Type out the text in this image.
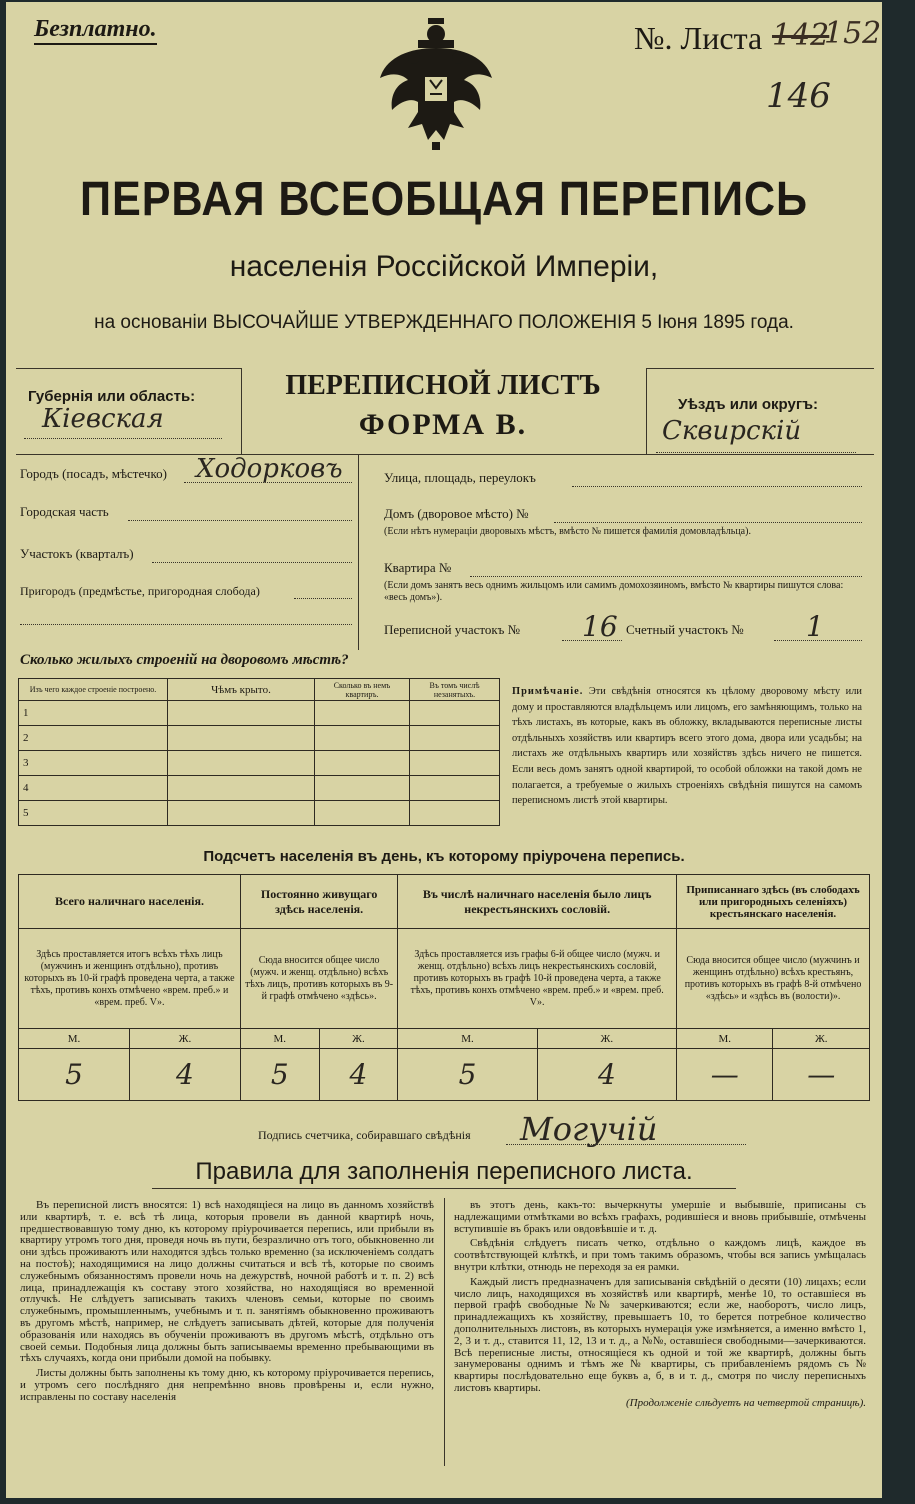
Безплатно.	№. Листа 142
152
146
ПЕРВАЯ ВСЕОБЩАЯ ПЕРЕПИСЬ
населенія Россійской Имперіи,
на основаніи ВЫСОЧАЙШЕ УТВЕРЖДЕННАГО ПОЛОЖЕНІЯ 5 Іюня 1895 года.
Губернія или область:
Кіевская
ПЕРЕПИСНОЙ ЛИСТЪ
ФОРМА В.
Уѣздъ или округъ:
Сквирскій
Городъ (посадъ, мѣстечко) Ходорковъ
Городская часть
Участокъ (кварталъ)
Пригородъ (предмѣстье, пригородная слобода)
Улица, площадь, переулокъ
Домъ (дворовое мѣсто) №
(Если нѣтъ нумераціи дворовыхъ мѣстъ, вмѣсто № пишется фамилія домовладѣльца).
Квартира №
(Если домъ занятъ весь однимъ жильцомъ или самимъ домохозяиномъ, вмѣсто № квартиры пишутся слова: «весь домъ»).
Переписной участокъ № 16 Счетный участокъ № 1
Сколько жилыхъ строеній на дворовомъ мѣстѣ?
Изъ чего каждое строеніе построено.	Чѣмъ крыто.	Сколько въ немъ квартиръ.	Въ томъ числѣ незанятыхъ.
1			
2			
3			
4			
5			
Примѣчаніе. Эти свѣдѣнія относятся къ цѣлому дворовому мѣсту или дому и проставляются владѣльцемъ или лицомъ, его замѣняющимъ, только на тѣхъ листахъ, въ которые, какъ въ обложку, вкладываются переписные листы отдѣльныхъ хозяйствъ или квартиръ всего этого дома, двора или усадьбы; на листахъ же отдѣльныхъ квартиръ или хозяйствъ здѣсь ничего не пишется. Если весь домъ занятъ одной квартирой, то особой обложки на такой домъ не полагается, а требуемые о жилыхъ строеніяхъ свѣдѣнія пишутся на самомъ переписномъ листѣ этой квартиры.
Подсчетъ населенія въ день, къ которому пріурочена перепись.
Всего наличнаго населенія.		Постоянно живущаго здѣсь населенія.		Въ числѣ наличнаго населенія было лицъ некрестьянскихъ сословій.		Приписаннаго здѣсь (въ слободахъ или пригородныхъ селеніяхъ) крестьянскаго населенія.	
Здѣсь проставляется итогъ всѣхъ тѣхъ лицъ (мужчинъ и женщинъ отдѣльно), противъ которыхъ въ 10-й графѣ проведена черта, а также тѣхъ, противъ конхъ отмѣчено «врем. преб.» и «врем. преб. V».		Сюда вносится общее число (мужч. и женщ. отдѣльно) всѣхъ тѣхъ лицъ, противъ которыхъ въ 9-й графѣ отмѣчено «здѣсь».		Здѣсь проставляется изъ графы 6-й общее число (мужч. и женщ. отдѣльно) всѣхъ лицъ некрестьянскихъ сословій, противъ которыхъ въ графѣ 10-й проведена черта, а также тѣхъ, противъ конхъ отмѣчено «врем. преб.» и «врем. преб. V».		Сюда вносится общее число (мужчинъ и женщинъ отдѣльно) всѣхъ крестьянъ, противъ которыхъ въ графѣ 8-й отмѣчено «здѣсь» и «здѣсь въ (волости)».	
М.	Ж.	М.	Ж.	М.	Ж.	М.	Ж.
5	4	5	4	5	4	—	—
Подпись счетчика, собиравшаго свѣдѣнія Могучій
Правила для заполненія переписного листа.

Въ переписной листъ вносятся: 1) всѣ находящіеся на лицо въ данномъ хозяйствѣ или квартирѣ, т. е. всѣ тѣ лица, которыя провели въ данной квартирѣ ночь, предшествовавшую тому дню, къ которому пріурочивается перепись, или прибыли въ квартиру утромъ того дня, проведя ночь въ пути, безразлично отъ того, обыкновенно ли они здѣсь проживаютъ или находятся здѣсь только временно (за исключеніемъ солдатъ на постоѣ); находящимися на лицо должны считаться и всѣ тѣ, которые по своимъ служебнымъ обязанностямъ провели ночь на дежурствѣ, ночной работѣ и т. п. 2) всѣ лица, принадлежащія къ составу этого хозяйства, но находящіяся во временной отлучкѣ. Не слѣдуетъ записывать такихъ членовъ семьи, которые по своимъ служебнымъ, промышленнымъ, учебнымъ и т. п. занятіямъ обыкновенно проживаютъ въ другомъ мѣстѣ, например, не слѣдуетъ записывать дѣтей, которые для полученія образованія или находясь въ обученіи проживаютъ въ другомъ мѣстѣ, отдѣльно отъ своей семьи. Подобныя лица должны быть записываемы временно пребывающими въ тѣхъ случаяхъ, когда они прибыли домой на побывку.

Листы должны быть заполнены къ тому дню, къ которому пріурочивается перепись, и утромъ сего послѣдняго дня непремѣнно вновь провѣрены и, если нужно, исправлены по составу населенія

въ этотъ день, какъ-то: вычеркнуты умершіе и выбывшіе, приписаны съ надлежащими отмѣтками во всѣхъ графахъ, родившіеся и вновь прибывшіе, отмѣчены вступившіе въ бракъ или овдовѣвшіе и т. д.

Свѣдѣнія слѣдуетъ писать четко, отдѣльно о каждомъ лицѣ, каждое въ соотвѣтствующей клѣткѣ, и при томъ такимъ образомъ, чтобы вся запись умѣщалась внутри клѣтки, отнюдь не переходя за ея рамки.

Каждый листъ предназначенъ для записыванія свѣдѣній о десяти (10) лицахъ; если число лицъ, находящихся въ хозяйствѣ или квартирѣ, менѣе 10, то оставшіеся въ первой графѣ свободные №№ зачеркиваются; если же, наоборотъ, число лицъ, принадлежащихъ къ хозяйству, превышаетъ 10, то берется потребное количество дополнительныхъ листовъ, въ которыхъ нумерація уже измѣняется, а именно вмѣсто 1, 2, 3 и т. д., ставится 11, 12, 13 и т. д., а №№, оставшіеся свободными—зачеркиваются. Всѣ переписные листы, относящіеся къ одной и той же квартирѣ, должны быть занумерованы однимъ и тѣмъ же № квартиры, съ прибавленіемъ рядомъ съ № квартиры послѣдовательно еще буквъ а, б, в и т. д., смотря по числу переписныхъ листовъ квартиры.

(Продолженіе слѣдуетъ на четвертой страницѣ).
